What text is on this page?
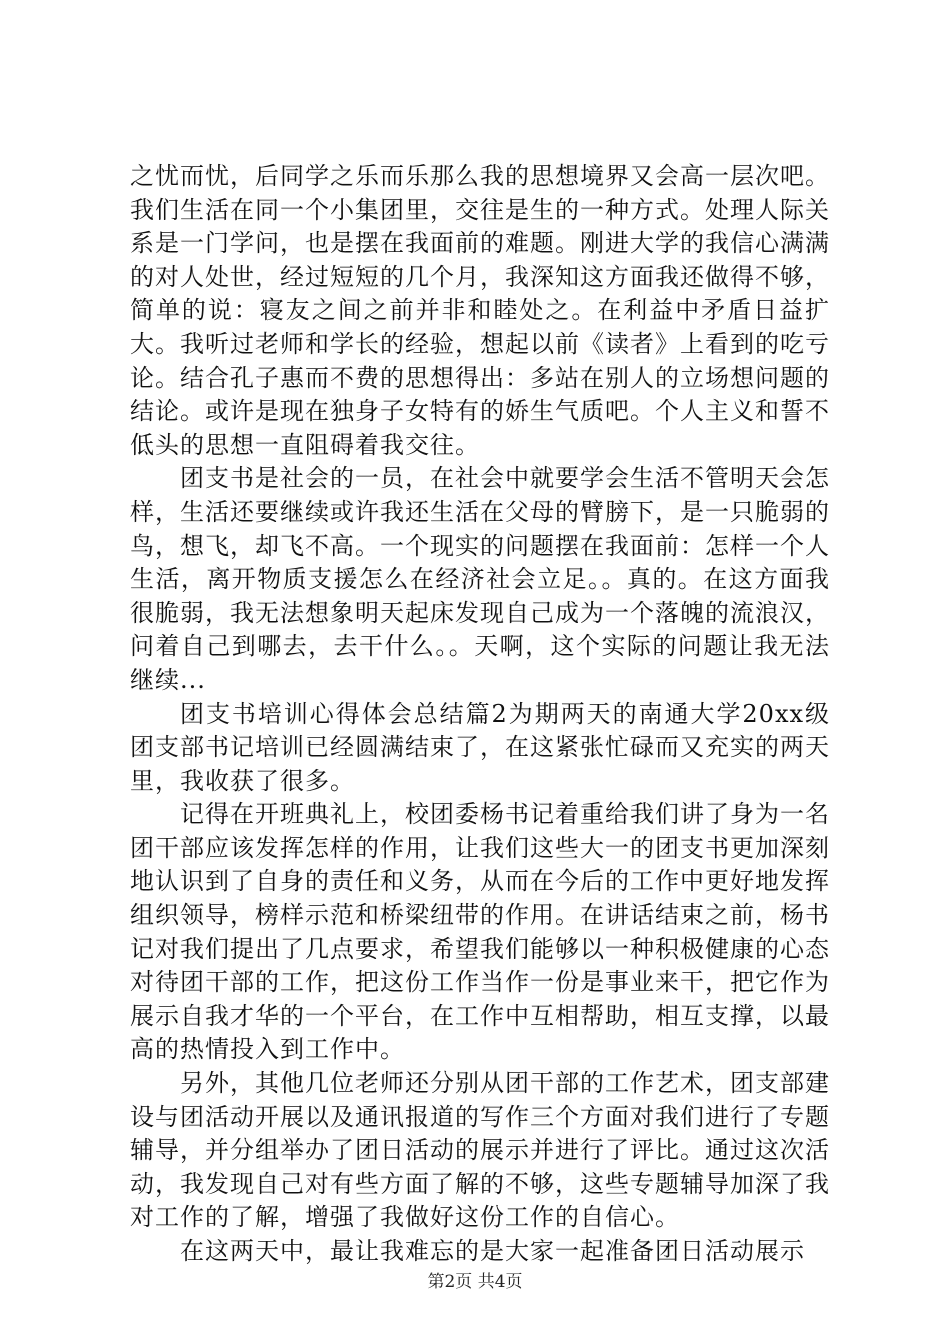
之忧而忧，后同学之乐而乐那么我的思想境界又会高一层次吧。我们生活在同一个小集团里，交往是生的一种方式。处理人际关系是一门学问，也是摆在我面前的难题。刚进大学的我信心满满的对人处世，经过短短的几个月，我深知这方面我还做得不够，简单的说：寝友之间之前并非和睦处之。在利益中矛盾日益扩大。我听过老师和学长的经验，想起以前《读者》上看到的吃亏论。结合孔子惠而不费的思想得出：多站在别人的立场想问题的结论。或许是现在独身子女特有的娇生气质吧。个人主义和誓不低头的思想一直阻碍着我交往。

团支书是社会的一员，在社会中就要学会生活不管明天会怎样，生活还要继续或许我还生活在父母的臂膀下，是一只脆弱的鸟，想飞，却飞不高。一个现实的问题摆在我面前：怎样一个人生活，离开物质支援怎么在经济社会立足。。真的。在这方面我很脆弱，我无法想象明天起床发现自己成为一个落魄的流浪汉，问着自己到哪去，去干什么。。天啊，这个实际的问题让我无法继续...

团支书培训心得体会总结篇2为期两天的南通大学20xx级团支部书记培训已经圆满结束了，在这紧张忙碌而又充实的两天里，我收获了很多。

记得在开班典礼上，校团委杨书记着重给我们讲了身为一名团干部应该发挥怎样的作用，让我们这些大一的团支书更加深刻地认识到了自身的责任和义务，从而在今后的工作中更好地发挥组织领导，榜样示范和桥梁纽带的作用。在讲话结束之前，杨书记对我们提出了几点要求，希望我们能够以一种积极健康的心态对待团干部的工作，把这份工作当作一份是事业来干，把它作为展示自我才华的一个平台，在工作中互相帮助，相互支撑，以最高的热情投入到工作中。

另外，其他几位老师还分别从团干部的工作艺术，团支部建设与团活动开展以及通讯报道的写作三个方面对我们进行了专题辅导，并分组举办了团日活动的展示并进行了评比。通过这次活动，我发现自己对有些方面了解的不够，这些专题辅导加深了我对工作的了解，增强了我做好这份工作的自信心。

在这两天中，最让我难忘的是大家一起准备团日活动展示

第2页 共4页
